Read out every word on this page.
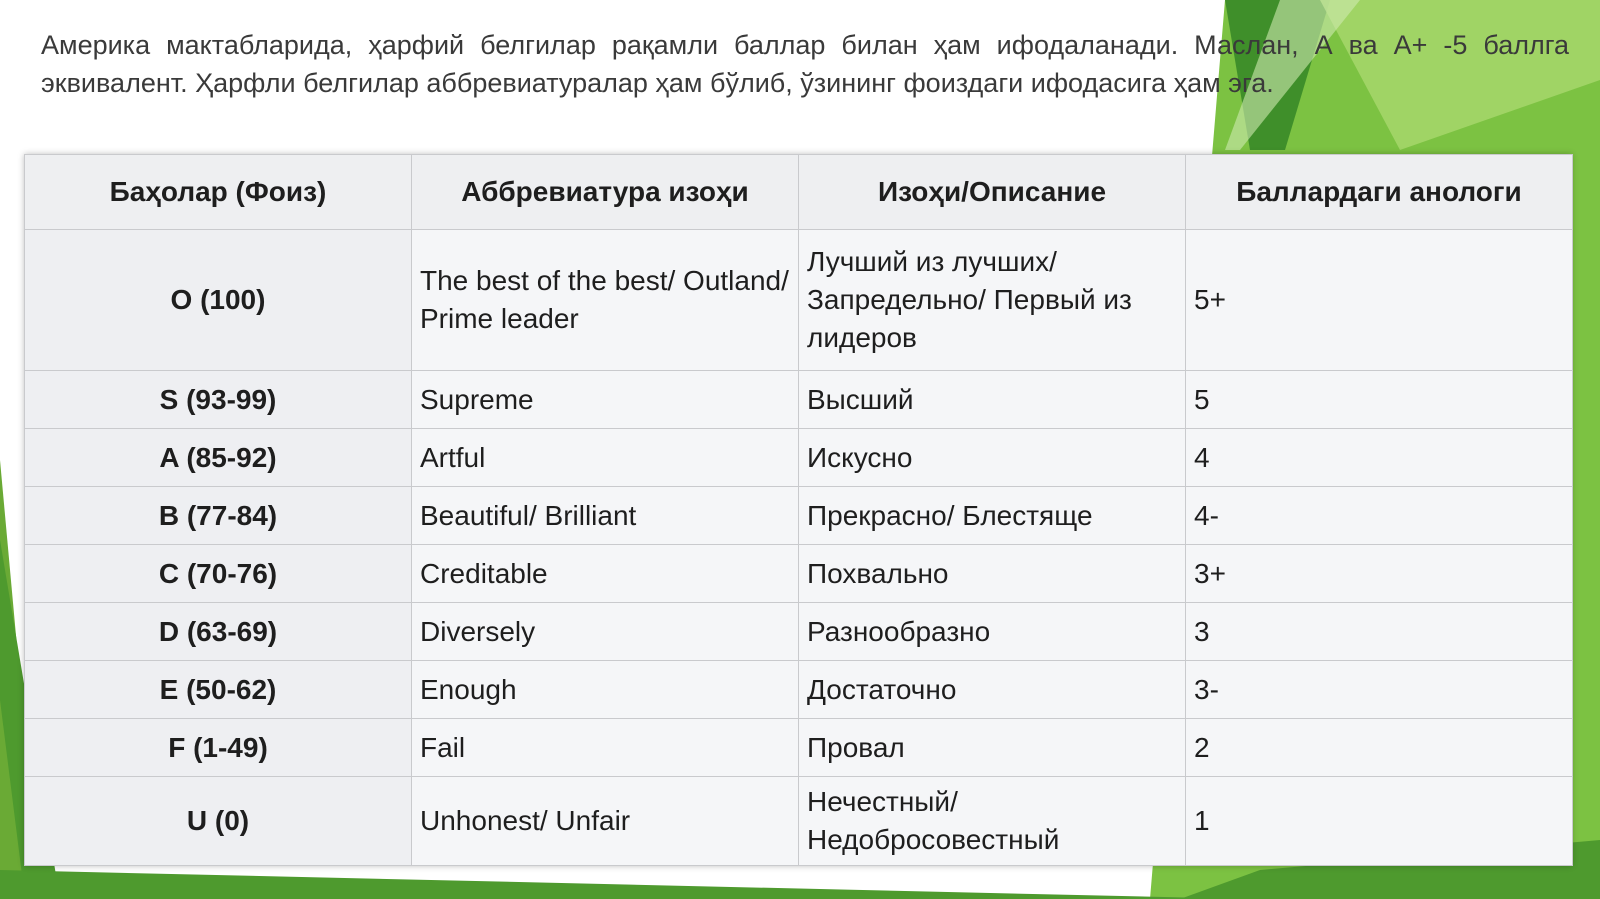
Америка мактабларида, ҳарфий белгилар рақамли баллар билан ҳам ифодаланади. Маслан, А ва А+ -5 баллга эквивалент. Ҳарфли белгилар аббревиатуралар ҳам бўлиб, ўзининг фоиздаги ифодасига ҳам эга.

Баҳолар (Фоиз)	Аббревиатура изоҳи	Изоҳи/Описание	Баллардаги анологи
O (100)	The best of the best/ Outland/ Prime leader	Лучший из лучших/ Запредельно/ Первый из лидеров	5+
S (93-99)	Supreme	Высший	5
A (85-92)	Artful	Искусно	4
B (77-84)	Beautiful/ Brilliant	Прекрасно/ Блестяще	4-
C (70-76)	Creditable	Похвально	3+
D (63-69)	Diversely	Разнообразно	3
E (50-62)	Enough	Достаточно	3-
F (1-49)	Fail	Провал	2
U (0)	Unhonest/ Unfair	Нечестный/ Недобросовестный	1
